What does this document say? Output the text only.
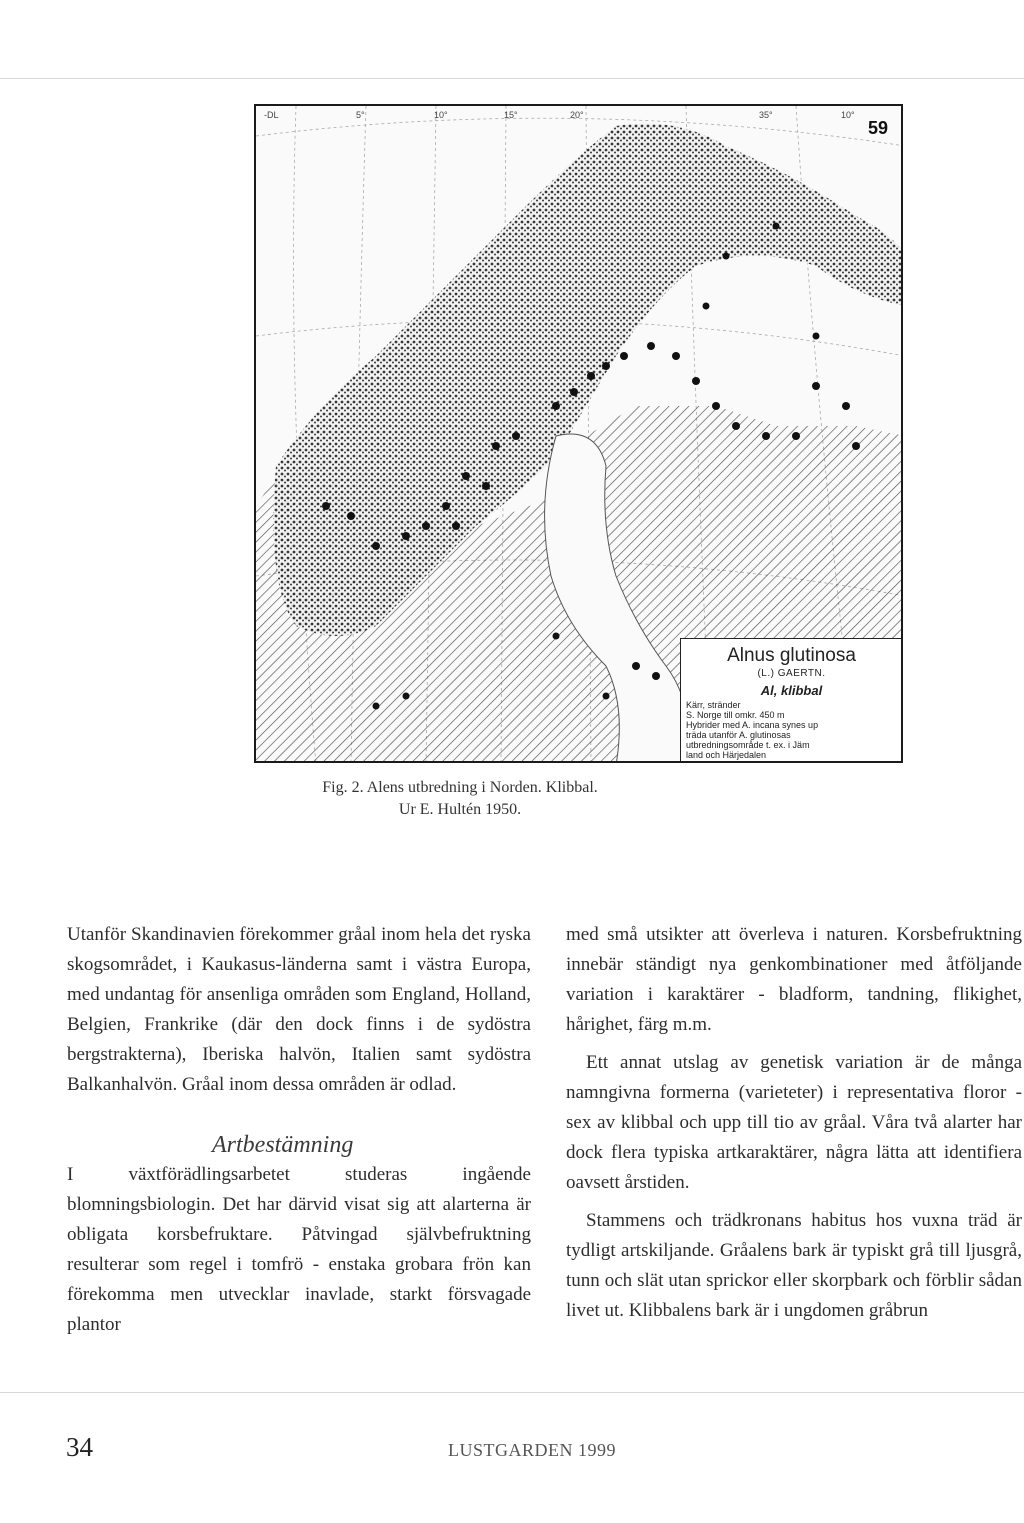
-DL	5°	10°	15°	20°	35°	10°
59
Alnus glutinosa
(L.) GAERTN.
Al, klibbal
Kärr, stränder
S. Norge till omkr. 450 m
Hybrider med A. incana synes up
träda utanför A. glutinosas
utbredningsområde t. ex. i Jäm
land och Härjedalen
Fig. 2. Alens utbredning i Norden. Klibbal.
Ur E. Hultén 1950.

Utanför Skandinavien förekommer gråal inom hela det ryska skogsområdet, i Kaukasus-länderna samt i västra Europa, med undantag för ansenliga områden som England, Holland, Belgien, Frankrike (där den dock finns i de sydöstra bergstrakterna), Iberiska halvön, Italien samt sydöstra Balkanhalvön. Gråal inom dessa områden är odlad.

Artbestämning

I växtförädlingsarbetet studeras ingående blomningsbiologin. Det har därvid visat sig att alarterna är obligata korsbefruktare. Påtvingad självbefruktning resulterar som regel i tomfrö - enstaka grobara frön kan förekomma men utvecklar inavlade, starkt försvagade plantor

med små utsikter att överleva i naturen. Korsbefruktning innebär ständigt nya genkombinationer med åtföljande variation i karaktärer - bladform, tandning, flikighet, hårighet, färg m.m.

Ett annat utslag av genetisk variation är de många namngivna formerna (varieteter) i representativa floror - sex av klibbal och upp till tio av gråal. Våra två alarter har dock flera typiska artkaraktärer, några lätta att identifiera oavsett årstiden.

Stammens och trädkronans habitus hos vuxna träd är tydligt artskiljande. Gråalens bark är typiskt grå till ljusgrå, tunn och slät utan sprickor eller skorpbark och förblir sådan livet ut. Klibbalens bark är i ungdomen gråbrun

34	LUSTGARDEN 1999
